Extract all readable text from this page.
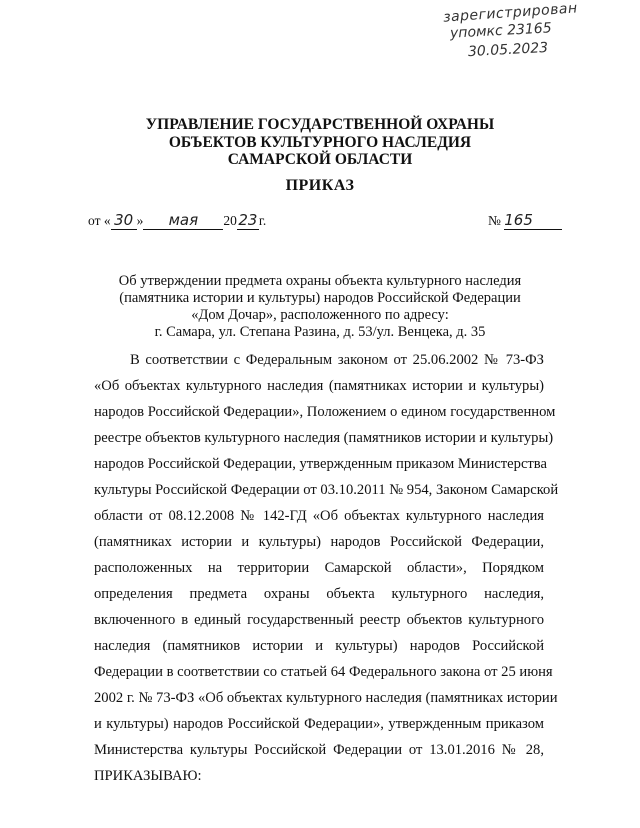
зарегистрирован
упомкс 23165
30.05.2023
УПРАВЛЕНИЕ ГОСУДАРСТВЕННОЙ ОХРАНЫ
ОБЪЕКТОВ КУЛЬТУРНОГО НАСЛЕДИЯ
САМАРСКОЙ ОБЛАСТИ
ПРИКАЗ
от « 30 » мая 2023г.	№ 165
Об утверждении предмета охраны объекта культурного наследия
(памятника истории и культуры) народов Российской Федерации
«Дом Дочар», расположенного по адресу:
г. Самара, ул. Степана Разина, д. 53/ул. Венцека, д. 35
В соответствии с Федеральным законом от 25.06.2002 № 73-ФЗ
«Об объектах культурного наследия (памятниках истории и культуры)
народов Российской Федерации», Положением о едином государственном
реестре объектов культурного наследия (памятников истории и культуры)
народов Российской Федерации, утвержденным приказом Министерства
культуры Российской Федерации от 03.10.2011 № 954, Законом Самарской
области от 08.12.2008 № 142-ГД «Об объектах культурного наследия
(памятниках истории и культуры) народов Российской Федерации,
расположенных на территории Самарской области», Порядком
определения предмета охраны объекта культурного наследия,
включенного в единый государственный реестр объектов культурного
наследия (памятников истории и культуры) народов Российской
Федерации в соответствии со статьей 64 Федерального закона от 25 июня
2002 г. № 73-ФЗ «Об объектах культурного наследия (памятниках истории
и культуры) народов Российской Федерации», утвержденным приказом
Министерства культуры Российской Федерации от 13.01.2016 № 28,
ПРИКАЗЫВАЮ:
